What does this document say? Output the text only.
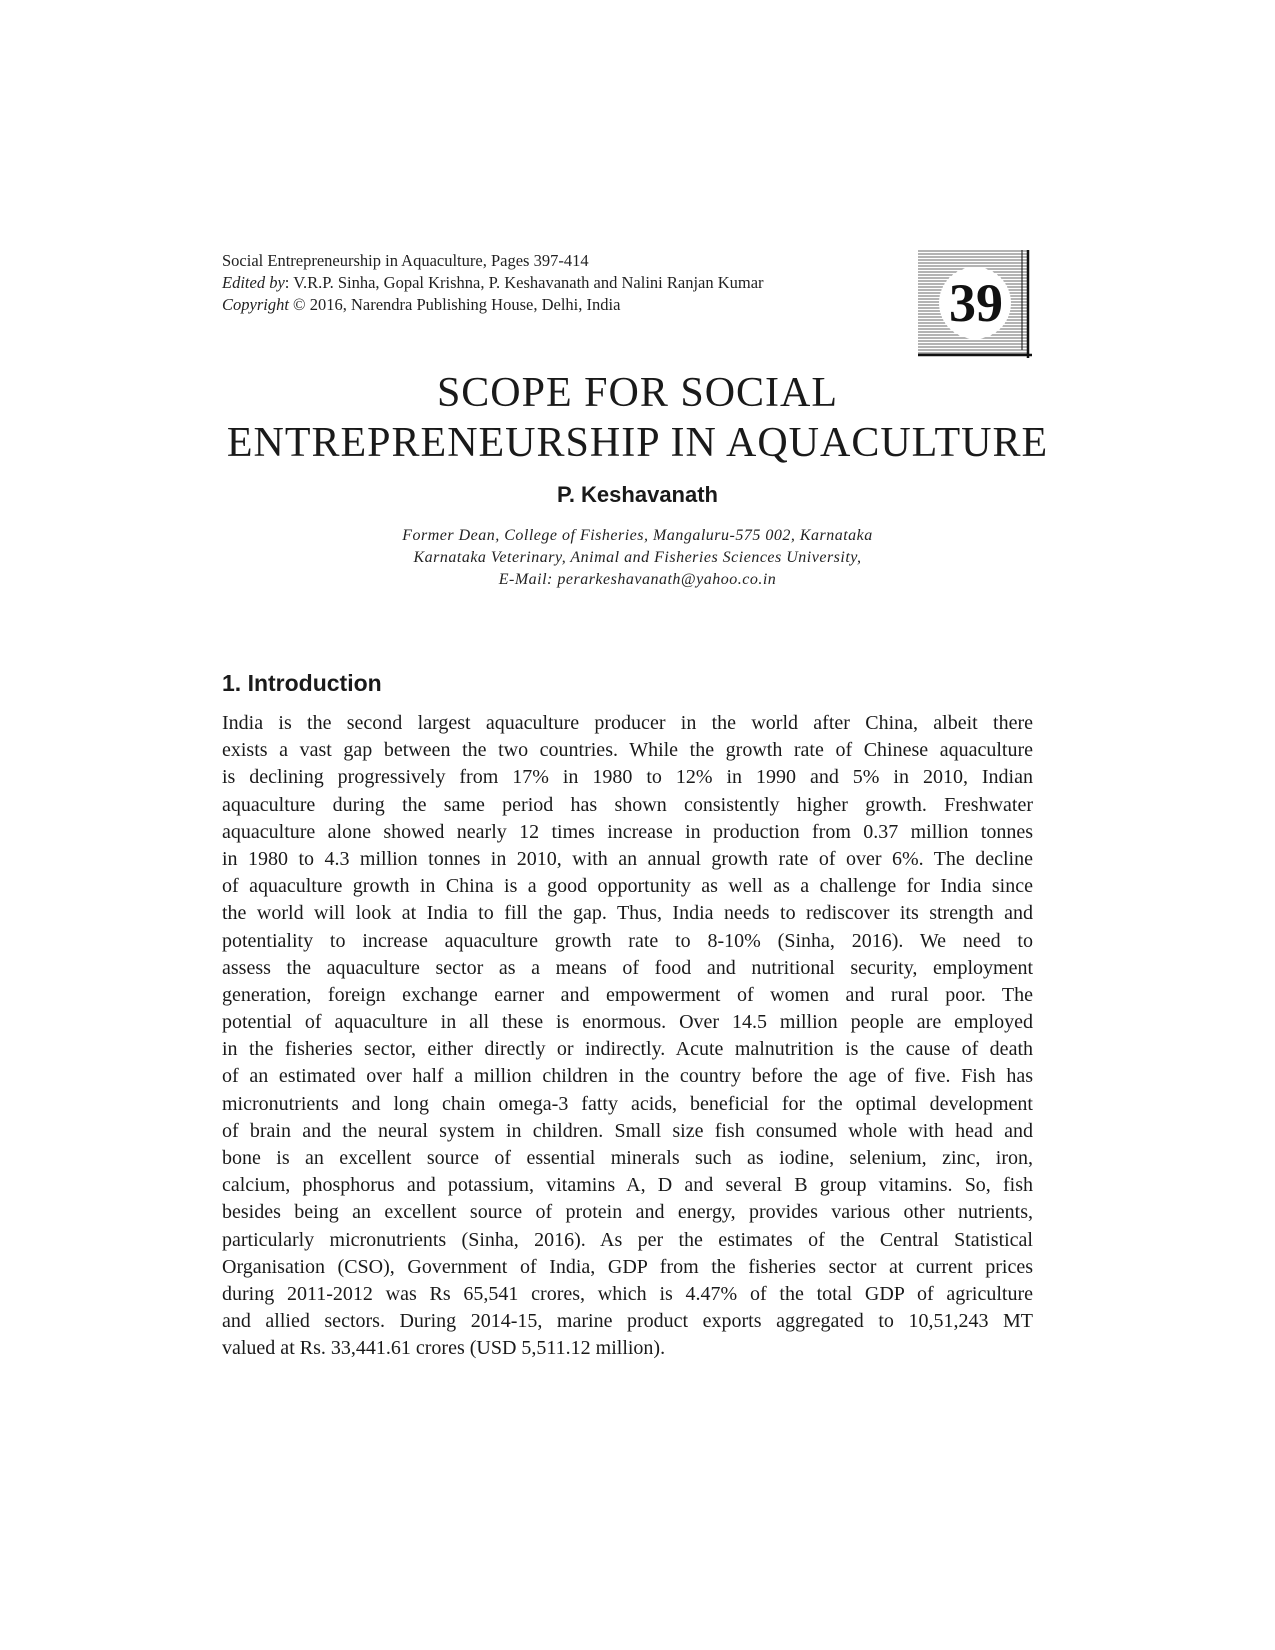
Social Entrepreneurship in Aquaculture, Pages 397-414
Edited by: V.R.P. Sinha, Gopal Krishna, P. Keshavanath and Nalini Ranjan Kumar
Copyright © 2016, Narendra Publishing House, Delhi, India	39
SCOPE FOR SOCIAL
ENTREPRENEURSHIP IN AQUACULTURE
P. Keshavanath
Former Dean, College of Fisheries, Mangaluru-575 002, Karnataka
Karnataka Veterinary, Animal and Fisheries Sciences University,
E-Mail: perarkeshavanath@yahoo.co.in
1. Introduction
India is the second largest aquaculture producer in the world after China, albeit there
exists a vast gap between the two countries. While the growth rate of Chinese aquaculture
is declining progressively from 17% in 1980 to 12% in 1990 and 5% in 2010, Indian
aquaculture during the same period has shown consistently higher growth. Freshwater
aquaculture alone showed nearly 12 times increase in production from 0.37 million tonnes
in 1980 to 4.3 million tonnes in 2010, with an annual growth rate of over 6%. The decline
of aquaculture growth in China is a good opportunity as well as a challenge for India since
the world will look at India to fill the gap. Thus, India needs to rediscover its strength and
potentiality to increase aquaculture growth rate to 8-10% (Sinha, 2016). We need to
assess the aquaculture sector as a means of food and nutritional security, employment
generation, foreign exchange earner and empowerment of women and rural poor. The
potential of aquaculture in all these is enormous. Over 14.5 million people are employed
in the fisheries sector, either directly or indirectly. Acute malnutrition is the cause of death
of an estimated over half a million children in the country before the age of five. Fish has
micronutrients and long chain omega-3 fatty acids, beneficial for the optimal development
of brain and the neural system in children. Small size fish consumed whole with head and
bone is an excellent source of essential minerals such as iodine, selenium, zinc, iron,
calcium, phosphorus and potassium, vitamins A, D and several B group vitamins. So, fish
besides being an excellent source of protein and energy, provides various other nutrients,
particularly micronutrients (Sinha, 2016). As per the estimates of the Central Statistical
Organisation (CSO), Government of India, GDP from the fisheries sector at current prices
during 2011-2012 was Rs 65,541 crores, which is 4.47% of the total GDP of agriculture
and allied sectors. During 2014-15, marine product exports aggregated to 10,51,243 MT
valued at Rs. 33,441.61 crores (USD 5,511.12 million).
